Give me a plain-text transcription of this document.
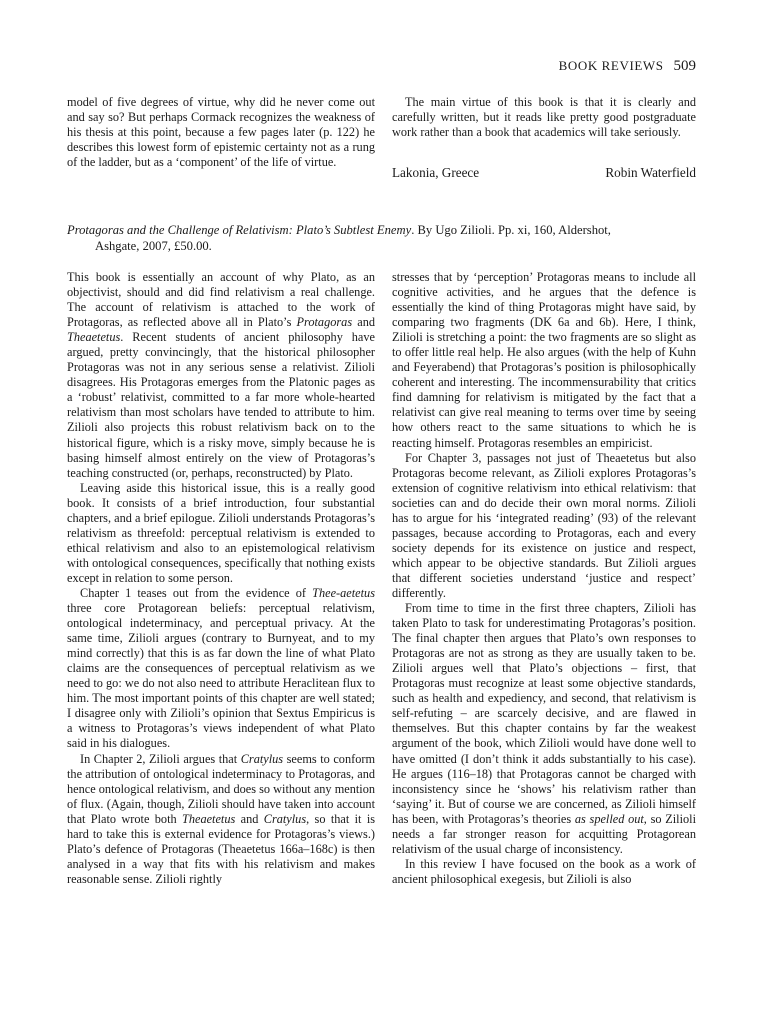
BOOK REVIEWS 509

model of five degrees of virtue, why did he never come out and say so? But perhaps Cormack recognizes the weakness of his thesis at this point, because a few pages later (p. 122) he describes this lowest form of epistemic certainty not as a rung of the ladder, but as a ‘component’ of the life of virtue.

The main virtue of this book is that it is clearly and carefully written, but it reads like pretty good postgraduate work rather than a book that academics will take seriously.

Lakonia, Greece	Robin Waterfield
Protagoras and the Challenge of Relativism: Plato’s Subtlest Enemy. By Ugo Zilioli. Pp. xi, 160, Aldershot,
Ashgate, 2007, £50.00.

This book is essentially an account of why Plato, as an objectivist, should and did find relativism a real challenge. The account of relativism is attached to the work of Protagoras, as reflected above all in Plato’s Protagoras and Theaetetus. Recent students of ancient philosophy have argued, pretty convincingly, that the historical philosopher Protagoras was not in any serious sense a relativist. Zilioli disagrees. His Protagoras emerges from the Platonic pages as a ‘robust’ relativist, committed to a far more whole-hearted relativism than most scholars have tended to attribute to him. Zilioli also projects this robust relativism back on to the historical figure, which is a risky move, simply because he is basing himself almost entirely on the view of Protagoras’s teaching constructed (or, perhaps, reconstructed) by Plato.

Leaving aside this historical issue, this is a really good book. It consists of a brief introduction, four substantial chapters, and a brief epilogue. Zilioli understands Protagoras’s relativism as threefold: perceptual relativism is extended to ethical relativism and also to an epistemological relativism with ontological consequences, specifically that nothing exists except in relation to some person.

Chapter 1 teases out from the evidence of Thee-aetetus three core Protagorean beliefs: perceptual relativism, ontological indeterminacy, and perceptual privacy. At the same time, Zilioli argues (contrary to Burnyeat, and to my mind correctly) that this is as far down the line of what Plato claims are the consequences of perceptual relativism as we need to go: we do not also need to attribute Heraclitean flux to him. The most important points of this chapter are well stated; I disagree only with Zilioli’s opinion that Sextus Empiricus is a witness to Protagoras’s views independent of what Plato said in his dialogues.

In Chapter 2, Zilioli argues that Cratylus seems to conform the attribution of ontological indeterminacy to Protagoras, and hence ontological relativism, and does so without any mention of flux. (Again, though, Zilioli should have taken into account that Plato wrote both Theaetetus and Cratylus, so that it is hard to take this is external evidence for Protagoras’s views.) Plato’s defence of Protagoras (Theaetetus 166a–168c) is then analysed in a way that fits with his relativism and makes reasonable sense. Zilioli rightly

stresses that by ‘perception’ Protagoras means to include all cognitive activities, and he argues that the defence is essentially the kind of thing Protagoras might have said, by comparing two fragments (DK 6a and 6b). Here, I think, Zilioli is stretching a point: the two fragments are so slight as to offer little real help. He also argues (with the help of Kuhn and Feyerabend) that Protagoras’s position is philosophically coherent and interesting. The incommensurability that critics find damning for relativism is mitigated by the fact that a relativist can give real meaning to terms over time by seeing how others react to the same situations to which he is reacting himself. Protagoras resembles an empiricist.

For Chapter 3, passages not just of Theaetetus but also Protagoras become relevant, as Zilioli explores Protagoras’s extension of cognitive relativism into ethical relativism: that societies can and do decide their own moral norms. Zilioli has to argue for his ‘integrated reading’ (93) of the relevant passages, because according to Protagoras, each and every society depends for its existence on justice and respect, which appear to be objective standards. But Zilioli argues that different societies understand ‘justice and respect’ differently.

From time to time in the first three chapters, Zilioli has taken Plato to task for underestimating Protagoras’s position. The final chapter then argues that Plato’s own responses to Protagoras are not as strong as they are usually taken to be. Zilioli argues well that Plato’s objections – first, that Protagoras must recognize at least some objective standards, such as health and expediency, and second, that relativism is self-refuting – are scarcely decisive, and are flawed in themselves. But this chapter contains by far the weakest argument of the book, which Zilioli would have done well to have omitted (I don’t think it adds substantially to his case). He argues (116–18) that Protagoras cannot be charged with inconsistency since he ‘shows’ his relativism rather than ‘saying’ it. But of course we are concerned, as Zilioli himself has been, with Protagoras’s theories as spelled out, so Zilioli needs a far stronger reason for acquitting Protagorean relativism of the usual charge of inconsistency.

In this review I have focused on the book as a work of ancient philosophical exegesis, but Zilioli is also
